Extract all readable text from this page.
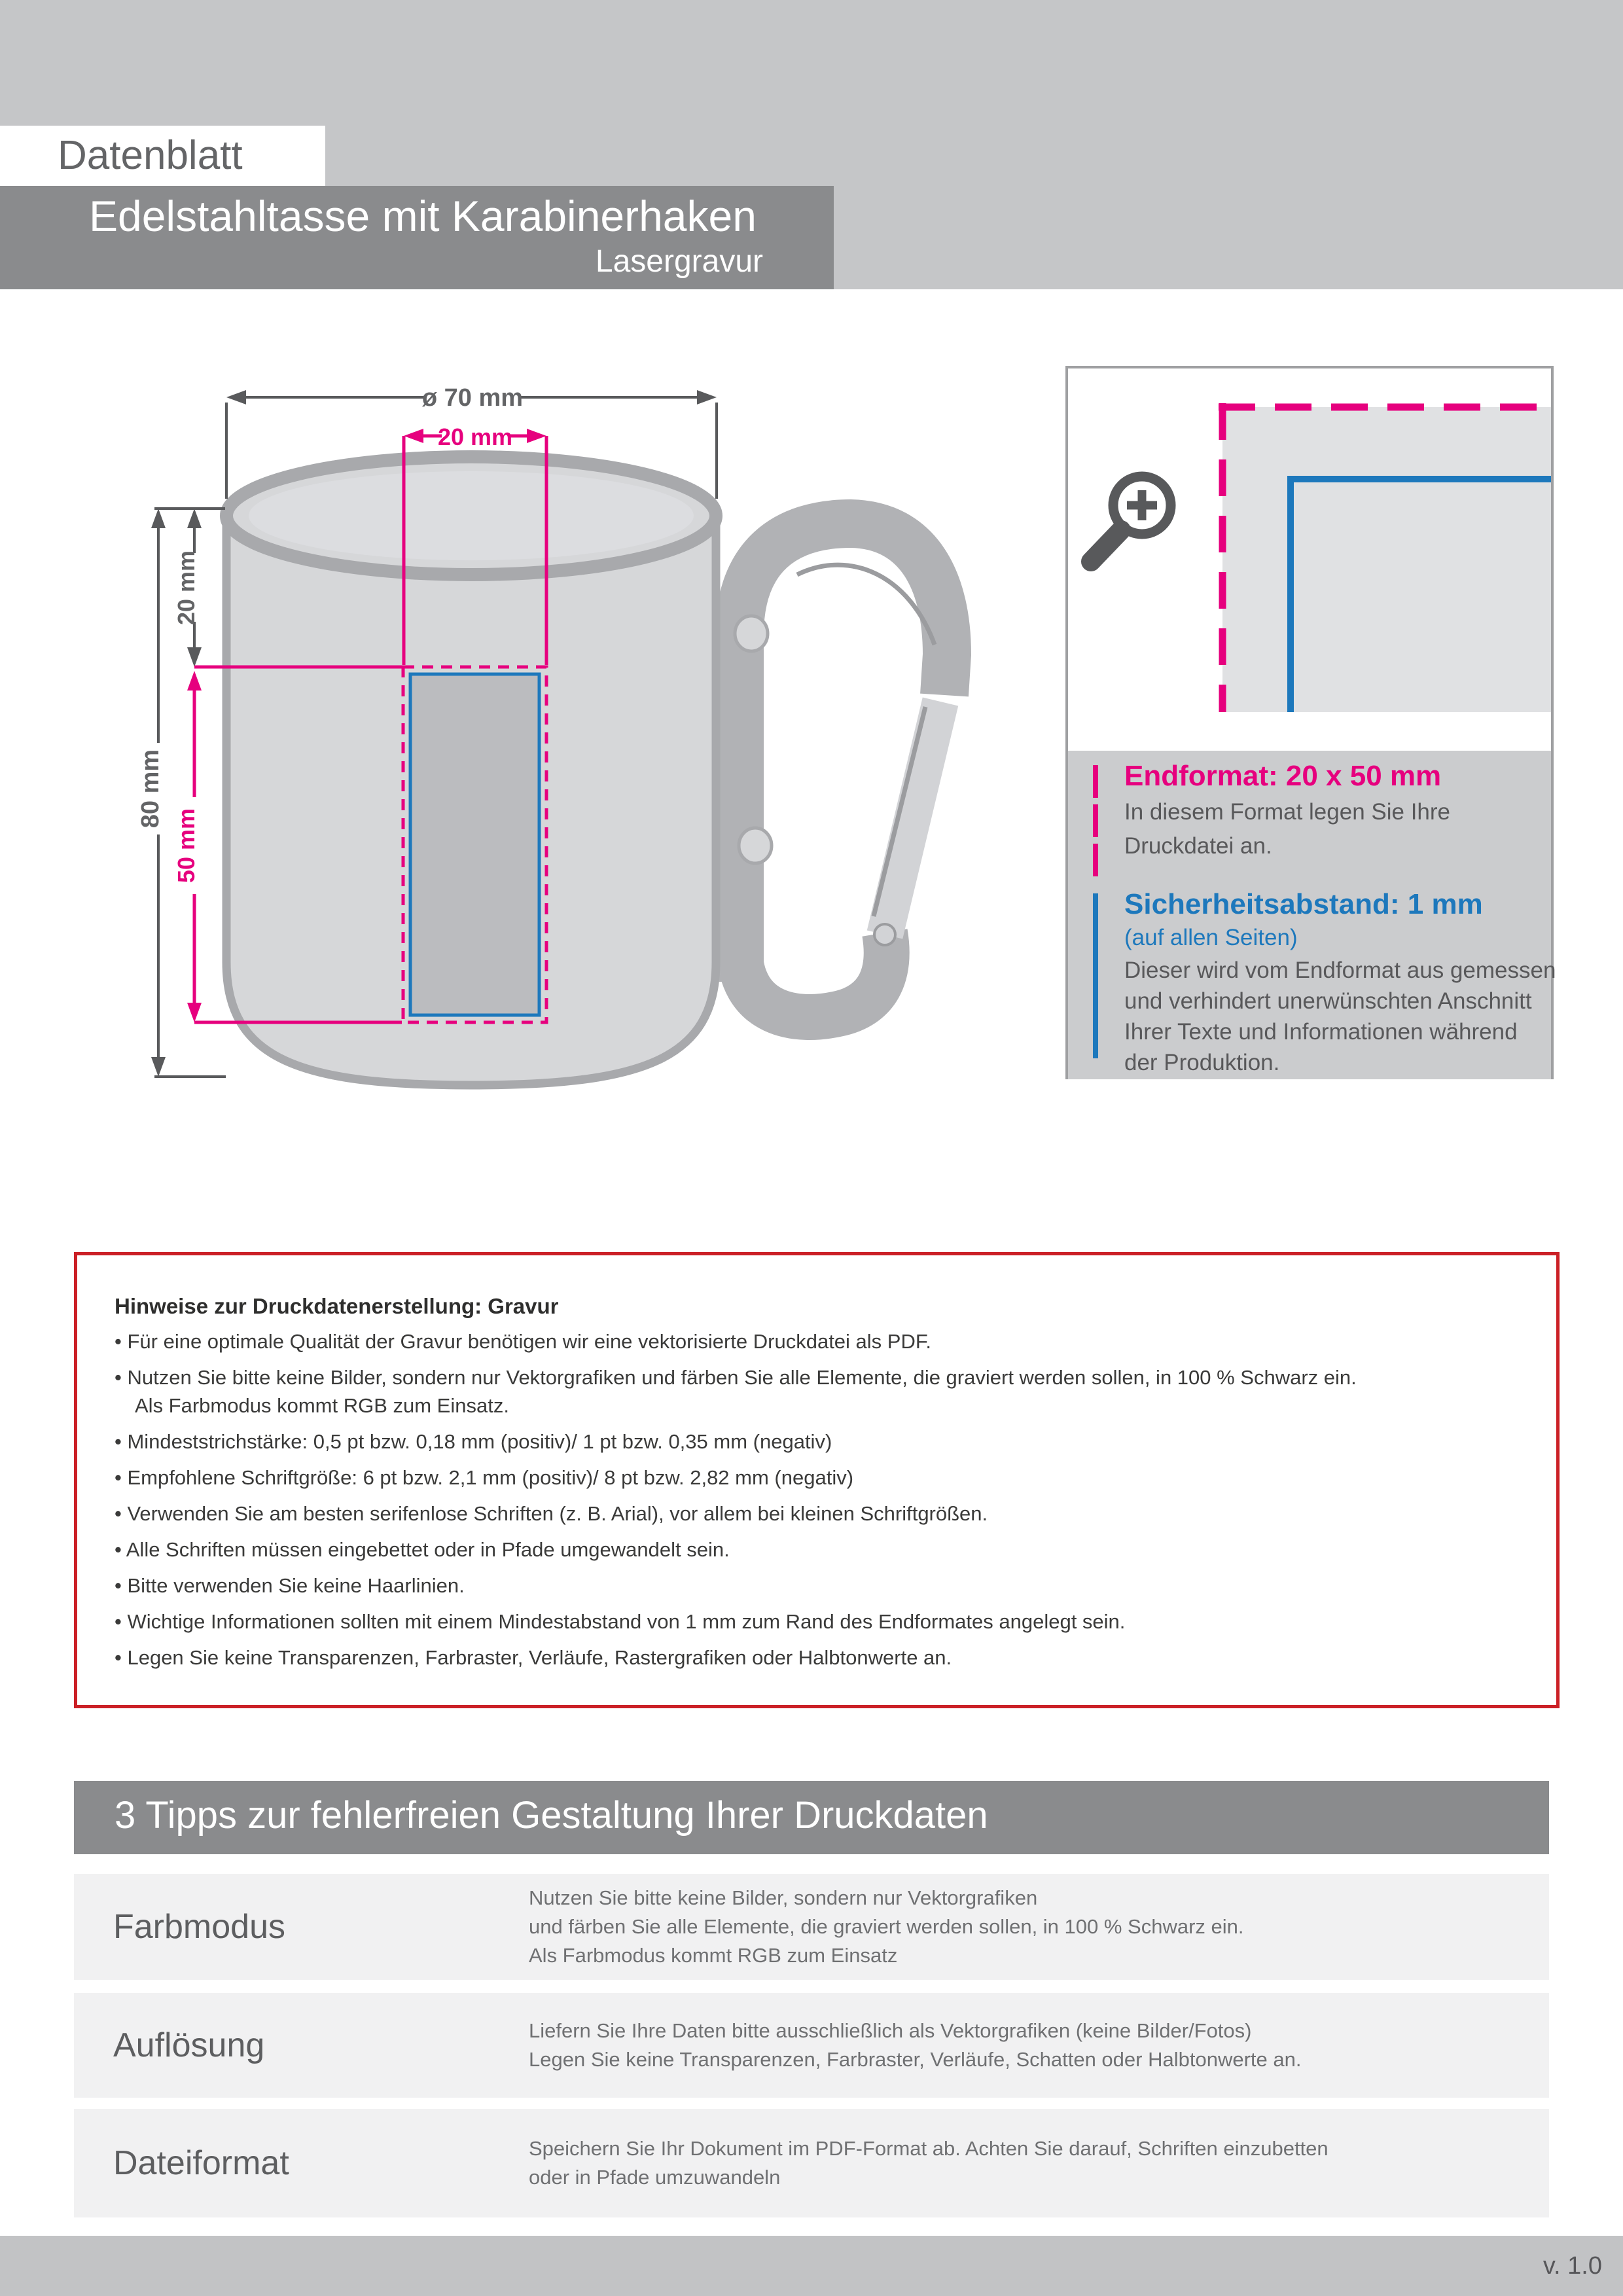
Datenblatt
Edelstahltasse mit Karabinerhaken
Lasergravur
ø 70 mm
20 mm
20 mm
80 mm
50 mm
Endformat: 20 x 50 mm
In diesem Format legen Sie Ihre
Druckdatei an.
Sicherheitsabstand: 1 mm
(auf allen Seiten)
Dieser wird vom Endformat aus gemessen
und verhindert unerwünschten Anschnitt
Ihrer Texte und Informationen während
der Produktion.
Hinweise zur Druckdatenerstellung: Gravur
• Für eine optimale Qualität der Gravur benötigen wir eine vektorisierte Druckdatei als PDF.
• Nutzen Sie bitte keine Bilder, sondern nur Vektorgrafiken und färben Sie alle Elemente, die graviert werden sollen, in 100 % Schwarz ein.
Als Farbmodus kommt RGB zum Einsatz.
• Mindeststrichstärke: 0,5 pt bzw. 0,18 mm (positiv)/ 1 pt bzw. 0,35 mm (negativ)
• Empfohlene Schriftgröße: 6 pt bzw. 2,1 mm (positiv)/ 8 pt bzw. 2,82 mm (negativ)
• Verwenden Sie am besten serifenlose Schriften (z. B. Arial), vor allem bei kleinen Schriftgrößen.
• Alle Schriften müssen eingebettet oder in Pfade umgewandelt sein.
• Bitte verwenden Sie keine Haarlinien.
• Wichtige Informationen sollten mit einem Mindestabstand von 1 mm zum Rand des Endformates angelegt sein.
• Legen Sie keine Transparenzen, Farbraster, Verläufe, Rastergrafiken oder Halbtonwerte an.
3 Tipps zur fehlerfreien Gestaltung Ihrer Druckdaten
Farbmodus
Nutzen Sie bitte keine Bilder, sondern nur Vektorgrafiken
und färben Sie alle Elemente, die graviert werden sollen, in 100 % Schwarz ein.
Als Farbmodus kommt RGB zum Einsatz
Auflösung	Liefern Sie Ihre Daten bitte ausschließlich als Vektorgrafiken (keine Bilder/Fotos)
Legen Sie keine Transparenzen, Farbraster, Verläufe, Schatten oder Halbtonwerte an.
Dateiformat	Speichern Sie Ihr Dokument im PDF-Format ab. Achten Sie darauf, Schriften einzubetten
oder in Pfade umzuwandeln
v. 1.0
